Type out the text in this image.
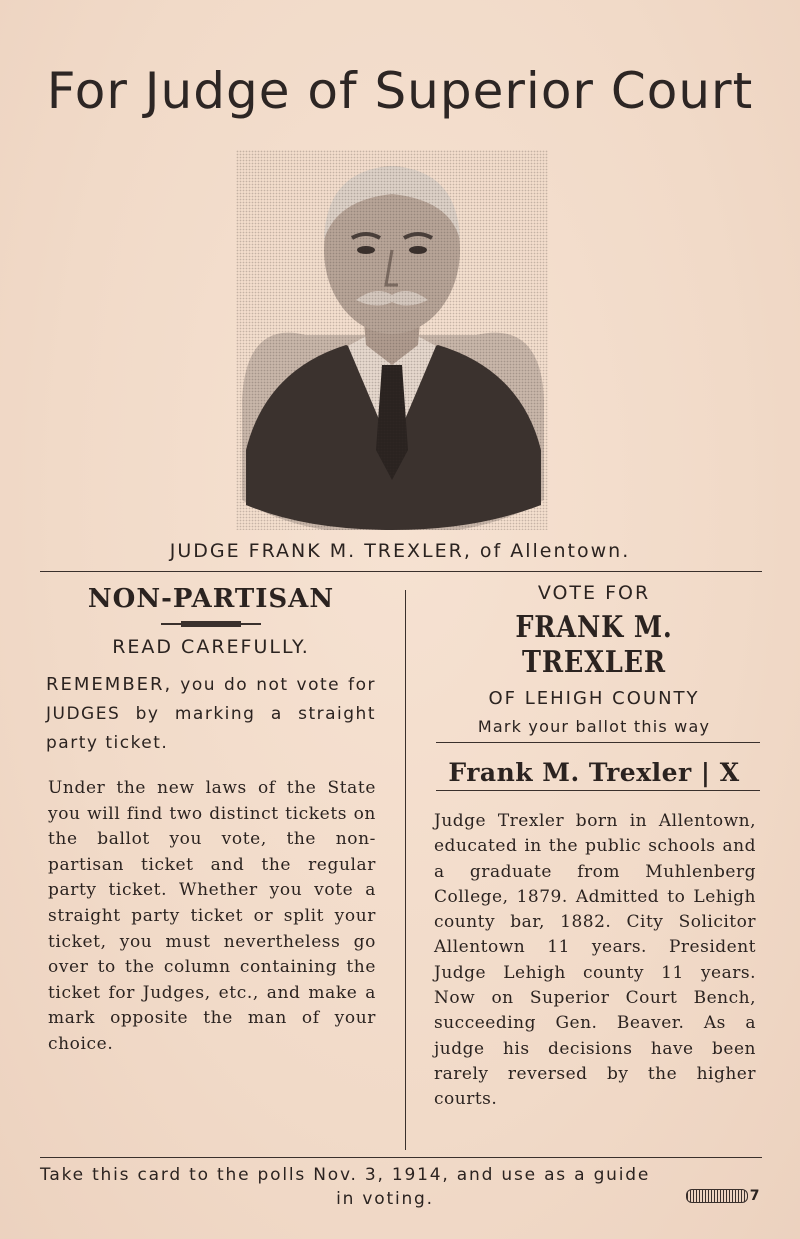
For Judge of Superior Court
JUDGE FRANK M. TREXLER, of Allentown.
NON-PARTISAN
READ CAREFULLY.
REMEMBER, you do not vote for JUDGES by marking a straight party ticket.
Under the new laws of the State you will find two distinct tickets on the ballot you vote, the non-partisan ticket and the regular party ticket. Whether you vote a straight party ticket or split your ticket, you must nevertheless go over to the column containing the ticket for Judges, etc., and make a mark opposite the man of your choice.
VOTE FOR
FRANK M. TREXLER
OF LEHIGH COUNTY
Mark your ballot this way
Frank M. Trexler | X
Judge Trexler born in Allentown, educated in the public schools and a graduate from Muhlenberg College, 1879. Admitted to Lehigh county bar, 1882. City Solicitor Allentown 11 years. President Judge Lehigh county 11 years. Now on Superior Court Bench, succeeding Gen. Beaver. As a judge his decisions have been rarely reversed by the higher courts.
Take this card to the polls Nov. 3, 1914, and use as a guide
in voting.	7
